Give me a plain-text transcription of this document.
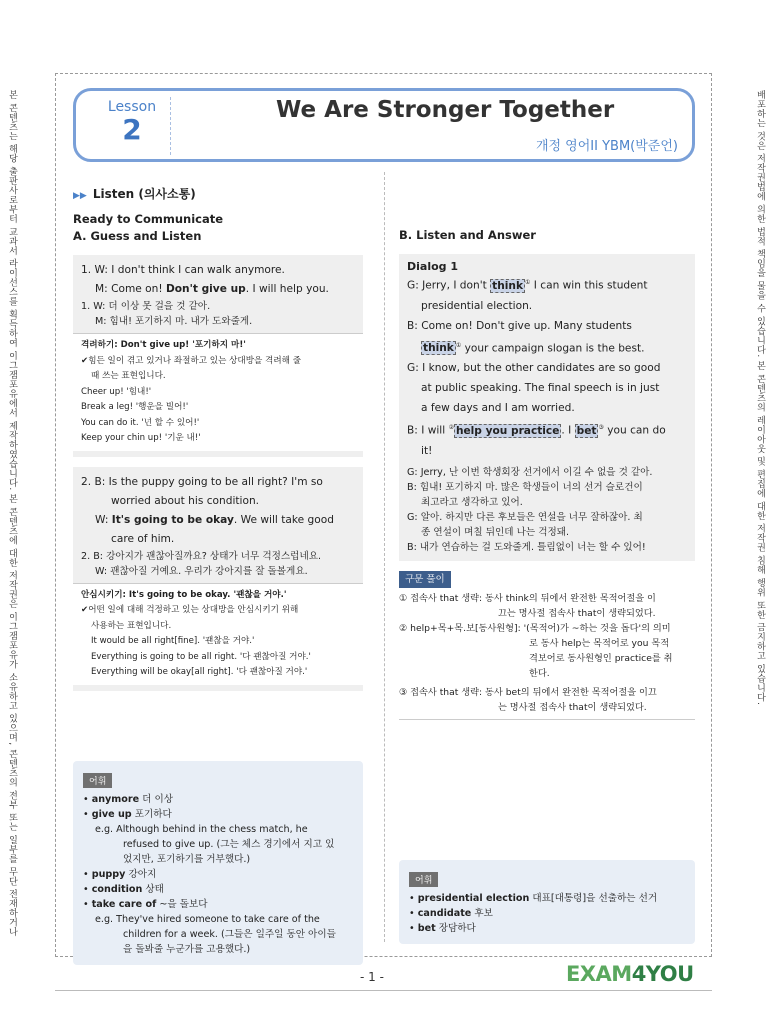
본 콘텐츠는 해당 출판사로부터 교과서 라이선스를 획득하여 이그잼포유에서 제작하였습니다. 본 콘텐츠에 대한 저작권은 이그잼포유가 소유하고 있으며, 콘텐츠의 전부 또는 일부를 무단 전재하거나	배포하는 것은 저작권법에 의한 법적 책임을 물을 수 있습니다. 본 콘텐츠의 레이아웃 및 편집에 대한 저작권 침해 행위 또한 금지하고 있습니다.
Lesson
2
We Are Stronger Together
개정 영어II YBM(박준언)
▶▶ Listen (의사소통)
Ready to Communicate
A. Guess and Listen
1. W: I don't think I can walk anymore.
M: Come on! Don't give up. I will help you.
1. W: 더 이상 못 걸을 것 같아.
M: 힘내! 포기하지 마. 내가 도와줄게.
격려하기: Don't give up! '포기하지 마!'
✔힘든 일이 겪고 있거나 좌절하고 있는 상대방을 격려해 줄
때 쓰는 표현입니다.
Cheer up! '힘내!'
Break a leg! '행운을 빌어!'
You can do it. '넌 할 수 있어!'
Keep your chin up! '기운 내!'
2. B: Is the puppy going to be all right? I'm so
worried about his condition.
W: It's going to be okay. We will take good
care of him.
2. B: 강아지가 괜찮아질까요? 상태가 너무 걱정스럽네요.
W: 괜찮아질 거예요. 우리가 강아지를 잘 돌볼게요.
안심시키기: It's going to be okay. '괜찮을 거야.'
✔어떤 일에 대해 걱정하고 있는 상대방을 안심시키기 위해
사용하는 표현입니다.
It would be all right[fine]. '괜찮을 거야.'
Everything is going to be all right. '다 괜찮아질 거야.'
Everything will be okay[all right]. '다 괜찮아질 거야.'
어휘
• anymore 더 이상
• give up 포기하다
e.g. Although behind in the chess match, he
refused to give up. (그는 체스 경기에서 지고 있
었지만, 포기하기를 거부했다.)
• puppy 강아지
• condition 상태
• take care of ~을 돌보다
e.g. They've hired someone to take care of the
children for a week. (그들은 일주일 동안 아이들
을 돌봐줄 누군가를 고용했다.)
B. Listen and Answer
Dialog 1
G: Jerry, I don't think ① I can win this student
presidential election.
B: Come on! Don't give up. Many students
think ① your campaign slogan is the best.
G: I know, but the other candidates are so good
at public speaking. The final speech is in just
a few days and I am worried.
B: I will ② help you practice . I bet ③ you can do
it!
G: Jerry, 난 이번 학생회장 선거에서 이길 수 없을 것 같아.
B: 힘내! 포기하지 마. 많은 학생들이 너의 선거 슬로건이
최고라고 생각하고 있어.
G: 알아. 하지만 다른 후보들은 연설을 너무 잘하잖아. 최
종 연설이 며칠 뒤인데 나는 걱정돼.
B: 내가 연습하는 걸 도와줄게. 틀림없이 너는 할 수 있어!
구문 풀이
① 접속사 that 생략: 동사 think의 뒤에서 완전한 목적어절을 이
끄는 명사절 접속사 that이 생략되었다.
② help+목+목.보[동사원형]: '(목적어)가 ~하는 것을 돕다'의 의미
로 동사 help는 목적어로 you 목적
격보어로 동사원형인 practice를 취
한다.
③ 접속사 that 생략: 동사 bet의 뒤에서 완전한 목적어절을 이끄
는 명사절 접속사 that이 생략되었다.
어휘
• presidential election 대표[대통령]을 선출하는 선거
• candidate 후보
• bet 장담하다
- 1 -	EXAM4YOU
